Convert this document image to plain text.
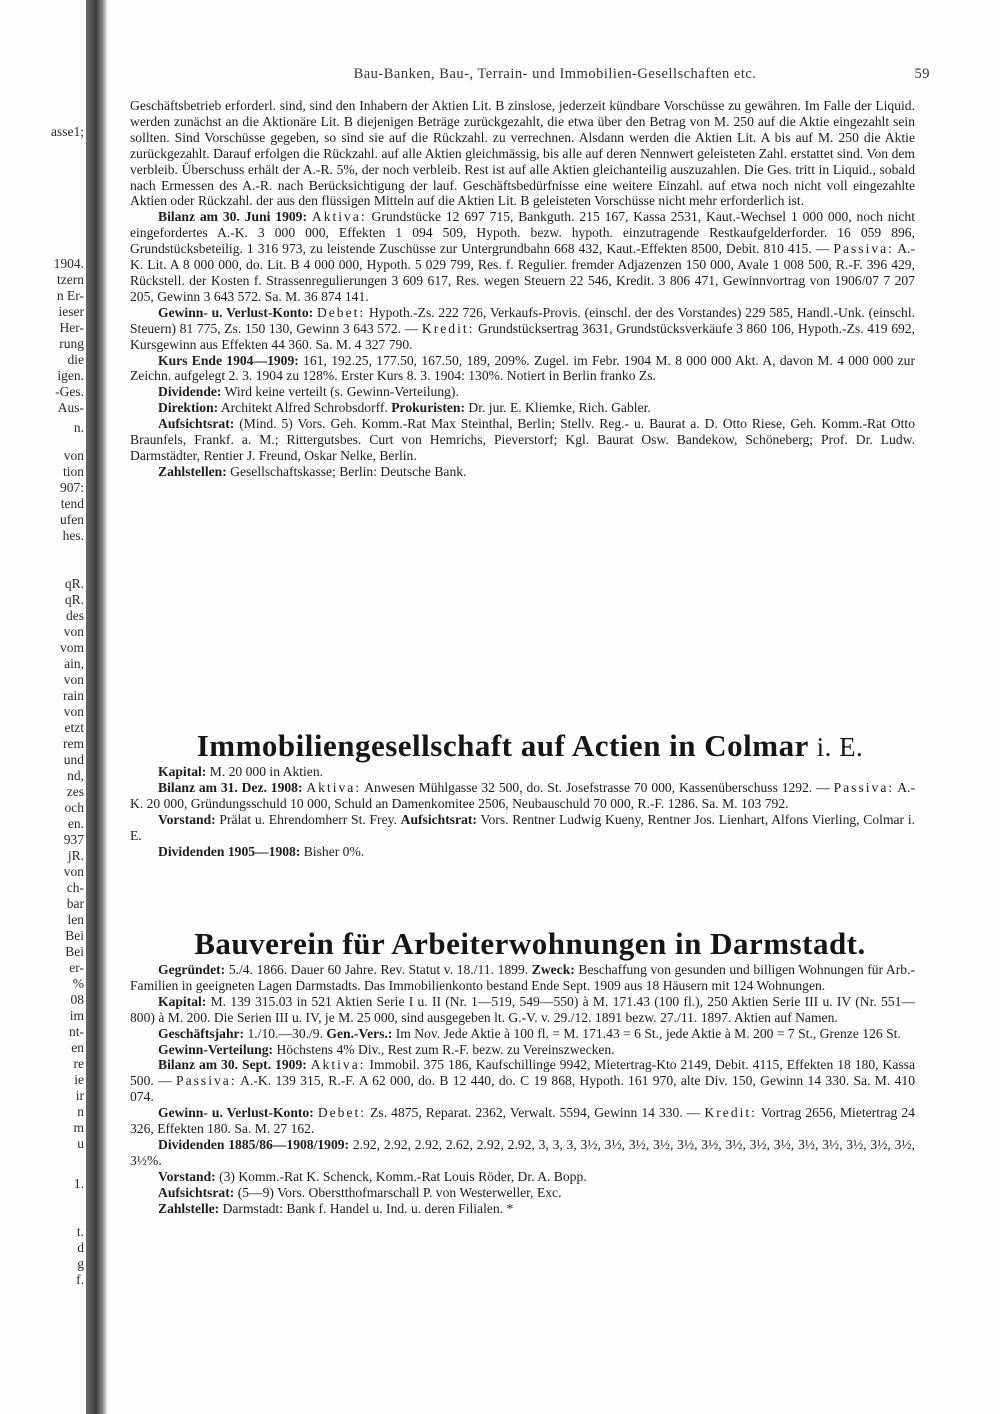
asse1;
1904.
tzern
n Er-
ieser
Her-
rung
die
igen.
-Ges.
Aus-
n.
von
tion
907:
tend
ufen
hes.
qR.
qR.
des
von
vom
ain,
von
rain
von
etzt
rem
und
nd,
zes
och
en.
937
jR.
von
ch-
bar
len
Bei
Bei
er-
%
08
im
nt-
en
re
ie
ir
n
m
u
1.
t.
d
g
f.
Bau-Banken, Bau-, Terrain- und Immobilien-Gesellschaften etc.	59

Geschäftsbetrieb erforderl. sind, sind den Inhabern der Aktien Lit. B zinslose, jederzeit kündbare Vorschüsse zu gewähren. Im Falle der Liquid. werden zunächst an die Aktionäre Lit. B diejenigen Beträge zurückgezahlt, die etwa über den Betrag von M. 250 auf die Aktie eingezahlt sein sollten. Sind Vorschüsse gegeben, so sind sie auf die Rückzahl. zu verrechnen. Alsdann werden die Aktien Lit. A bis auf M. 250 die Aktie zurückgezahlt. Darauf erfolgen die Rückzahl. auf alle Aktien gleichmässig, bis alle auf deren Nennwert geleisteten Zahl. erstattet sind. Von dem verbleib. Überschuss erhält der A.-R. 5%, der noch verbleib. Rest ist auf alle Aktien gleichanteilig auszuzahlen. Die Ges. tritt in Liquid., sobald nach Ermessen des A.-R. nach Berücksichtigung der lauf. Geschäftsbedürfnisse eine weitere Einzahl. auf etwa noch nicht voll eingezahlte Aktien oder Rückzahl. der aus den flüssigen Mitteln auf die Aktien Lit. B geleisteten Vorschüsse nicht mehr erforderlich ist.

Bilanz am 30. Juni 1909: Aktiva: Grundstücke 12 697 715, Bankguth. 215 167, Kassa 2531, Kaut.-Wechsel 1 000 000, noch nicht eingefordertes A.-K. 3 000 000, Effekten 1 094 509, Hypoth. bezw. hypoth. einzutragende Restkaufgelderforder. 16 059 896, Grundstücksbeteilig. 1 316 973, zu leistende Zuschüsse zur Untergrundbahn 668 432, Kaut.-Effekten 8500, Debit. 810 415. — Passiva: A.-K. Lit. A 8 000 000, do. Lit. B 4 000 000, Hypoth. 5 029 799, Res. f. Regulier. fremder Adjazenzen 150 000, Avale 1 008 500, R.-F. 396 429, Rückstell. der Kosten f. Strassenregulierungen 3 609 617, Res. wegen Steuern 22 546, Kredit. 3 806 471, Gewinnvortrag von 1906/07 7 207 205, Gewinn 3 643 572. Sa. M. 36 874 141.

Gewinn- u. Verlust-Konto: Debet: Hypoth.-Zs. 222 726, Verkaufs-Provis. (einschl. der des Vorstandes) 229 585, Handl.-Unk. (einschl. Steuern) 81 775, Zs. 150 130, Gewinn 3 643 572. — Kredit: Grundstücksertrag 3631, Grundstücksverkäufe 3 860 106, Hypoth.-Zs. 419 692, Kursgewinn aus Effekten 44 360. Sa. M. 4 327 790.

Kurs Ende 1904—1909: 161, 192.25, 177.50, 167.50, 189, 209%. Zugel. im Febr. 1904 M. 8 000 000 Akt. A, davon M. 4 000 000 zur Zeichn. aufgelegt 2. 3. 1904 zu 128%. Erster Kurs 8. 3. 1904: 130%. Notiert in Berlin franko Zs.

Dividende: Wird keine verteilt (s. Gewinn-Verteilung).

Direktion: Architekt Alfred Schrobsdorff. Prokuristen: Dr. jur. E. Kliemke, Rich. Gabler.

Aufsichtsrat: (Mind. 5) Vors. Geh. Komm.-Rat Max Steinthal, Berlin; Stellv. Reg.- u. Baurat a. D. Otto Riese, Geh. Komm.-Rat Otto Braunfels, Frankf. a. M.; Rittergutsbes. Curt von Hemrichs, Pieverstorf; Kgl. Baurat Osw. Bandekow, Schöneberg; Prof. Dr. Ludw. Darmstädter, Rentier J. Freund, Oskar Nelke, Berlin.

Zahlstellen: Gesellschaftskasse; Berlin: Deutsche Bank.

Immobiliengesellschaft auf Actien in Colmar i. E.

Kapital: M. 20 000 in Aktien.

Bilanz am 31. Dez. 1908: Aktiva: Anwesen Mühlgasse 32 500, do. St. Josefstrasse 70 000, Kassenüberschuss 1292. — Passiva: A.-K. 20 000, Gründungsschuld 10 000, Schuld an Damenkomitee 2506, Neubauschuld 70 000, R.-F. 1286. Sa. M. 103 792.

Vorstand: Prälat u. Ehrendomherr St. Frey. Aufsichtsrat: Vors. Rentner Ludwig Kueny, Rentner Jos. Lienhart, Alfons Vierling, Colmar i. E.

Dividenden 1905—1908: Bisher 0%.

Bauverein für Arbeiterwohnungen in Darmstadt.

Gegründet: 5./4. 1866. Dauer 60 Jahre. Rev. Statut v. 18./11. 1899. Zweck: Beschaffung von gesunden und billigen Wohnungen für Arb.-Familien in geeigneten Lagen Darmstadts. Das Immobilienkonto bestand Ende Sept. 1909 aus 18 Häusern mit 124 Wohnungen.

Kapital: M. 139 315.03 in 521 Aktien Serie I u. II (Nr. 1—519, 549—550) à M. 171.43 (100 fl.), 250 Aktien Serie III u. IV (Nr. 551—800) à M. 200. Die Serien III u. IV, je M. 25 000, sind ausgegeben lt. G.-V. v. 29./12. 1891 bezw. 27./11. 1897. Aktien auf Namen.

Geschäftsjahr: 1./10.—30./9. Gen.-Vers.: Im Nov. Jede Aktie à 100 fl. = M. 171.43 = 6 St., jede Aktie à M. 200 = 7 St., Grenze 126 St.

Gewinn-Verteilung: Höchstens 4% Div., Rest zum R.-F. bezw. zu Vereinszwecken.

Bilanz am 30. Sept. 1909: Aktiva: Immobil. 375 186, Kaufschillinge 9942, Mietertrag-Kto 2149, Debit. 4115, Effekten 18 180, Kassa 500. — Passiva: A.-K. 139 315, R.-F. A 62 000, do. B 12 440, do. C 19 868, Hypoth. 161 970, alte Div. 150, Gewinn 14 330. Sa. M. 410 074.

Gewinn- u. Verlust-Konto: Debet: Zs. 4875, Reparat. 2362, Verwalt. 5594, Gewinn 14 330. — Kredit: Vortrag 2656, Mietertrag 24 326, Effekten 180. Sa. M. 27 162.

Dividenden 1885/86—1908/1909: 2.92, 2.92, 2.92, 2.62, 2.92, 2.92, 3, 3, 3, 3½, 3½, 3½, 3½, 3½, 3½, 3½, 3½, 3½, 3½, 3½, 3½, 3½, 3½, 3½%.

Vorstand: (3) Komm.-Rat K. Schenck, Komm.-Rat Louis Röder, Dr. A. Bopp.

Aufsichtsrat: (5—9) Vors. Oberstthofmarschall P. von Westerweller, Exc.

Zahlstelle: Darmstadt: Bank f. Handel u. Ind. u. deren Filialen. *
